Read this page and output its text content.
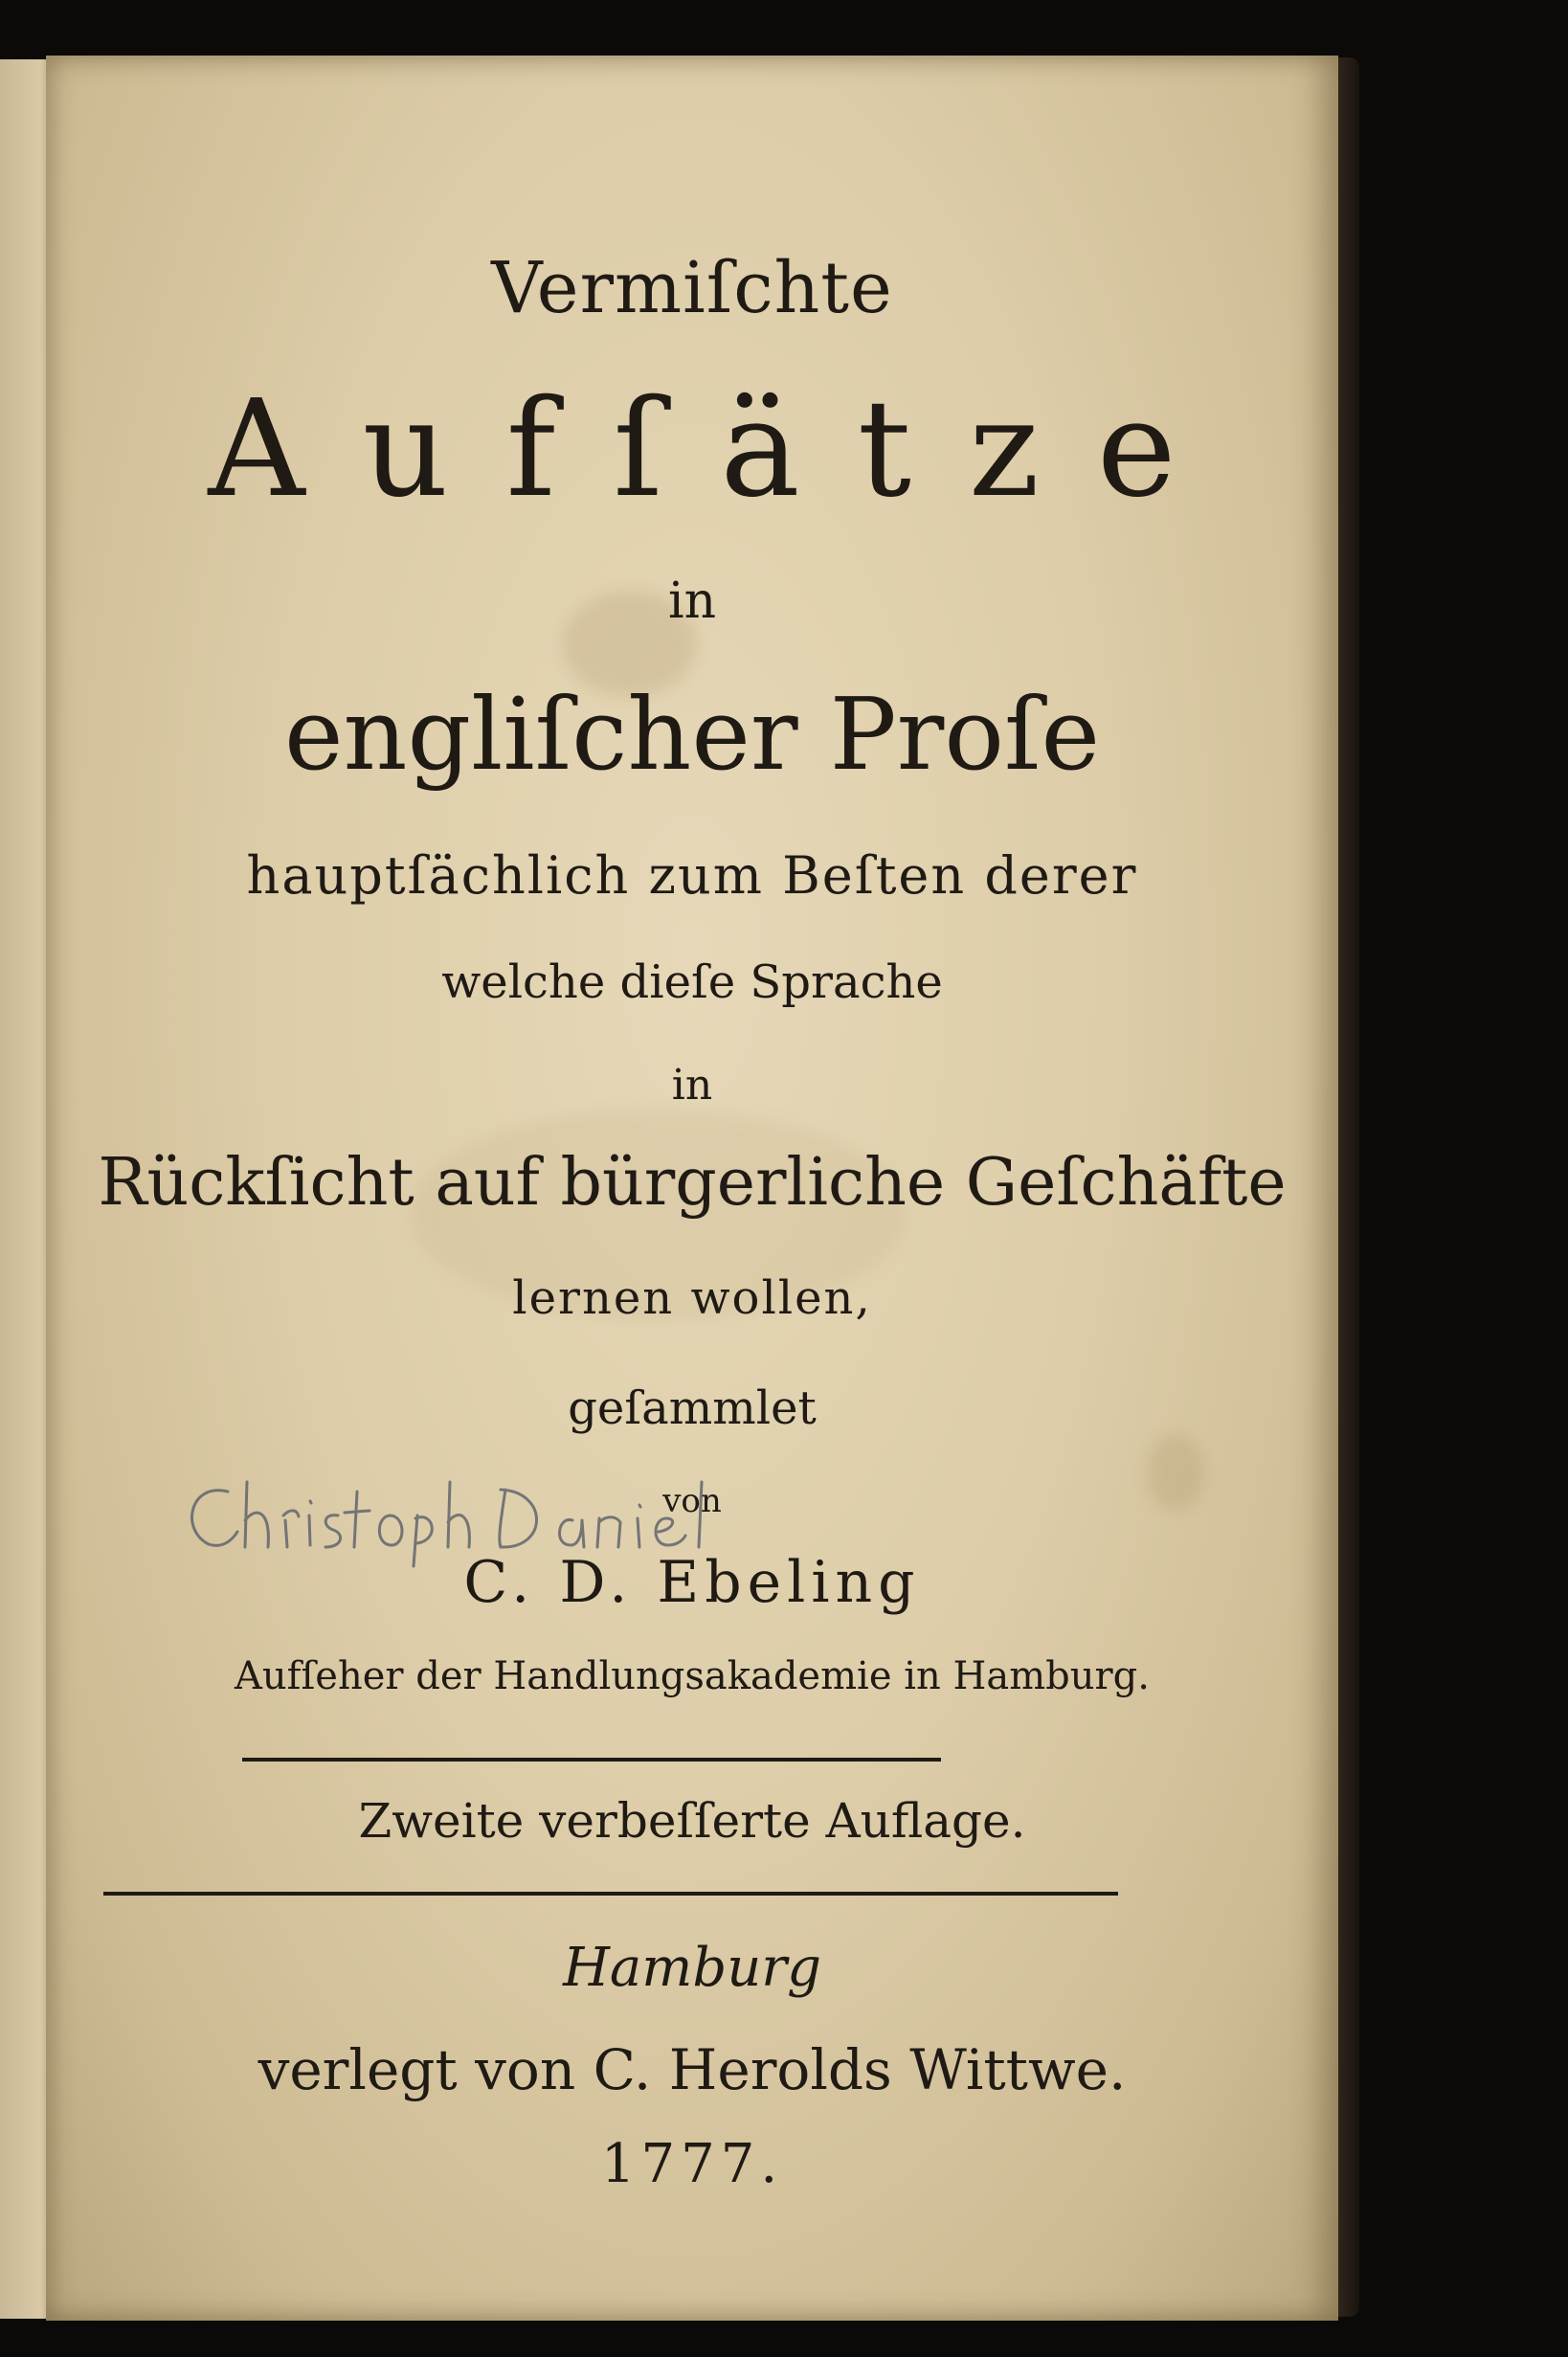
Vermiſchte
Aufſätze
in
engliſcher Proſe
hauptſächlich zum Beſten derer
welche dieſe Sprache
in
Rückſicht auf bürgerliche Geſchäfte
lernen wollen,
geſammlet
von
C. D. Ebeling
Aufſeher der Handlungsakademie in Hamburg.
Zweite verbeſſerte Auflage.
Hamburg
verlegt von C. Herolds Wittwe.
1777.
